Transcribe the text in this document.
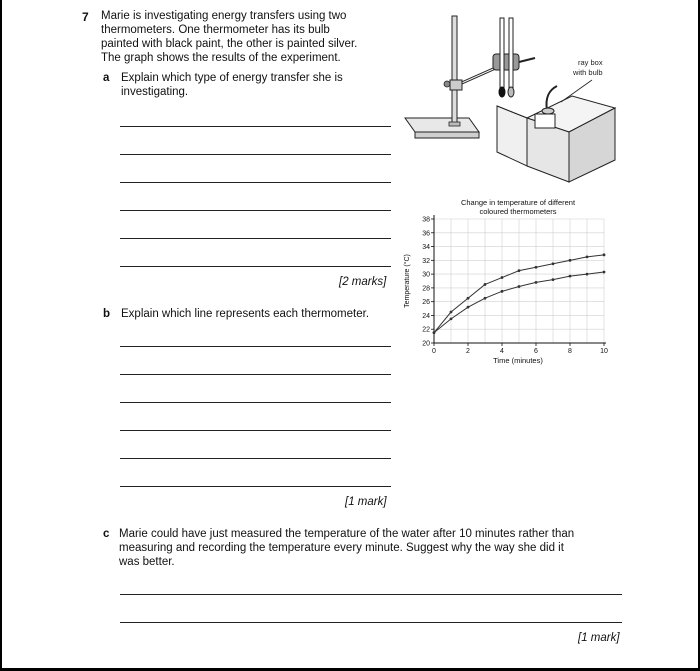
7 Marie is investigating energy transfers using two
thermometers. One thermometer has its bulb
painted with black paint, the other is painted silver.
The graph shows the results of the experiment.
a Explain which type of energy transfer she is
investigating.
[2 marks]
b Explain which line represents each thermometer.
[1 mark]
c Marie could have just measured the temperature of the water after 10 minutes rather than
measuring and recording the temperature every minute. Suggest why the way she did it
was better.
[1 mark]
ray box
with bulb
Change in temperature of different
coloured thermometers
Temperature (°C)
Time (minutes)
20
22
24
26
28
30
32
34
36
38
0	2	4	6	8	10
